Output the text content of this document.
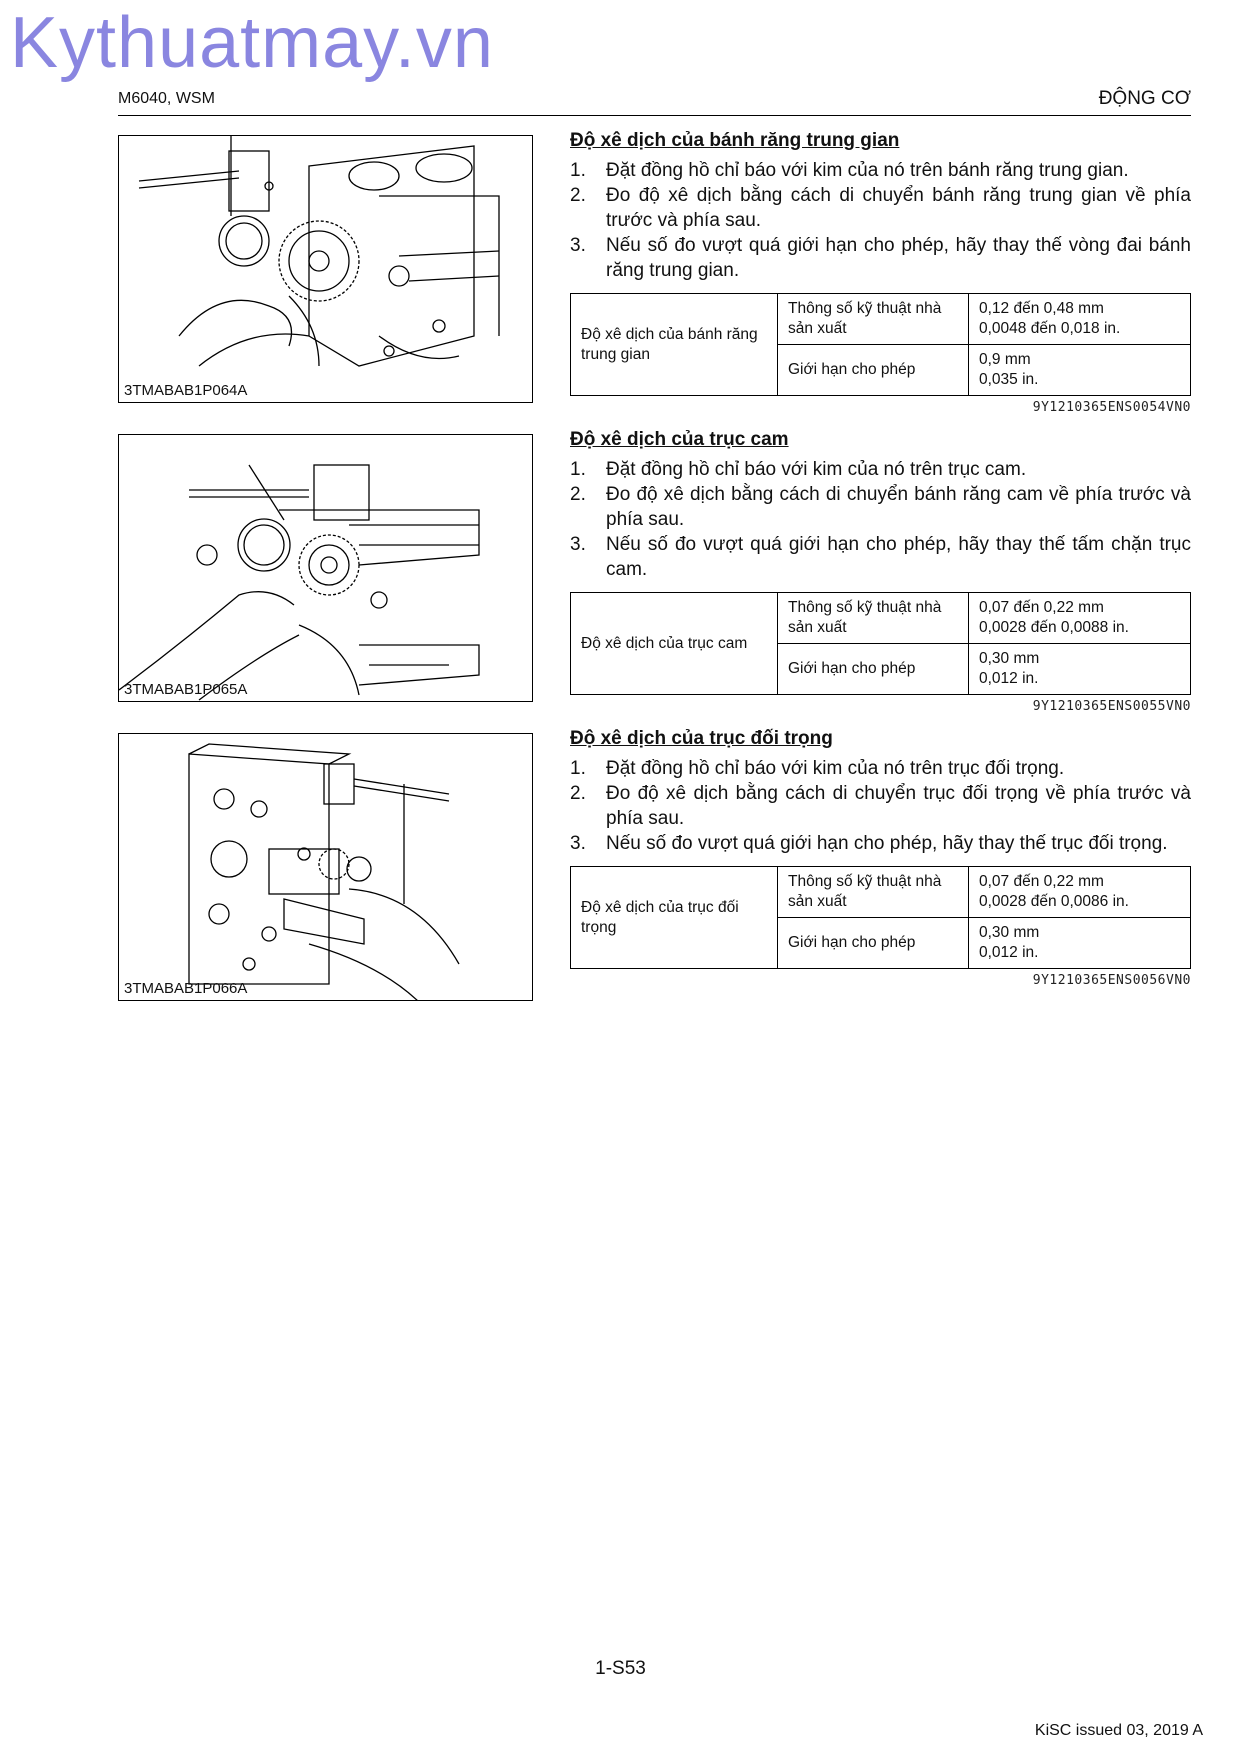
Kythuatmay.vn
M6040, WSM	ĐỘNG CƠ
3TMABAB1P064A
3TMABAB1P065A
3TMABAB1P066A
Độ xê dịch của bánh răng trung gian
1. Đặt đồng hồ chỉ báo với kim của nó trên bánh răng trung gian.
2. Đo độ xê dịch bằng cách di chuyển bánh răng trung gian về phía trước và phía sau.
3. Nếu số đo vượt quá giới hạn cho phép, hãy thay thế vòng đai bánh răng trung gian.
Độ xê dịch của bánh răng trung gian	Thông số kỹ thuật nhà sản xuất	0,12 đến 0,48 mm
0,0048 đến 0,018 in.

	Giới hạn cho phép	0,9 mm
0,035 in.
9Y1210365ENS0054VN0
Độ xê dịch của trục cam
1. Đặt đồng hồ chỉ báo với kim của nó trên trục cam.
2. Đo độ xê dịch bằng cách di chuyển bánh răng cam về phía trước và phía sau.
3. Nếu số đo vượt quá giới hạn cho phép, hãy thay thế tấm chặn trục cam.
Độ xê dịch của trục cam	Thông số kỹ thuật nhà sản xuất	0,07 đến 0,22 mm
0,0028 đến 0,0088 in.

	Giới hạn cho phép	0,30 mm
0,012 in.
9Y1210365ENS0055VN0
Độ xê dịch của trục đối trọng
1. Đặt đồng hồ chỉ báo với kim của nó trên trục đối trọng.
2. Đo độ xê dịch bằng cách di chuyển trục đối trọng về phía trước và phía sau.
3. Nếu số đo vượt quá giới hạn cho phép, hãy thay thế trục đối trọng.
Độ xê dịch của trục đối trọng	Thông số kỹ thuật nhà sản xuất	0,07 đến 0,22 mm
0,0028 đến 0,0086 in.

	Giới hạn cho phép	0,30 mm
0,012 in.
9Y1210365ENS0056VN0
1-S53
KiSC issued 03, 2019 A
